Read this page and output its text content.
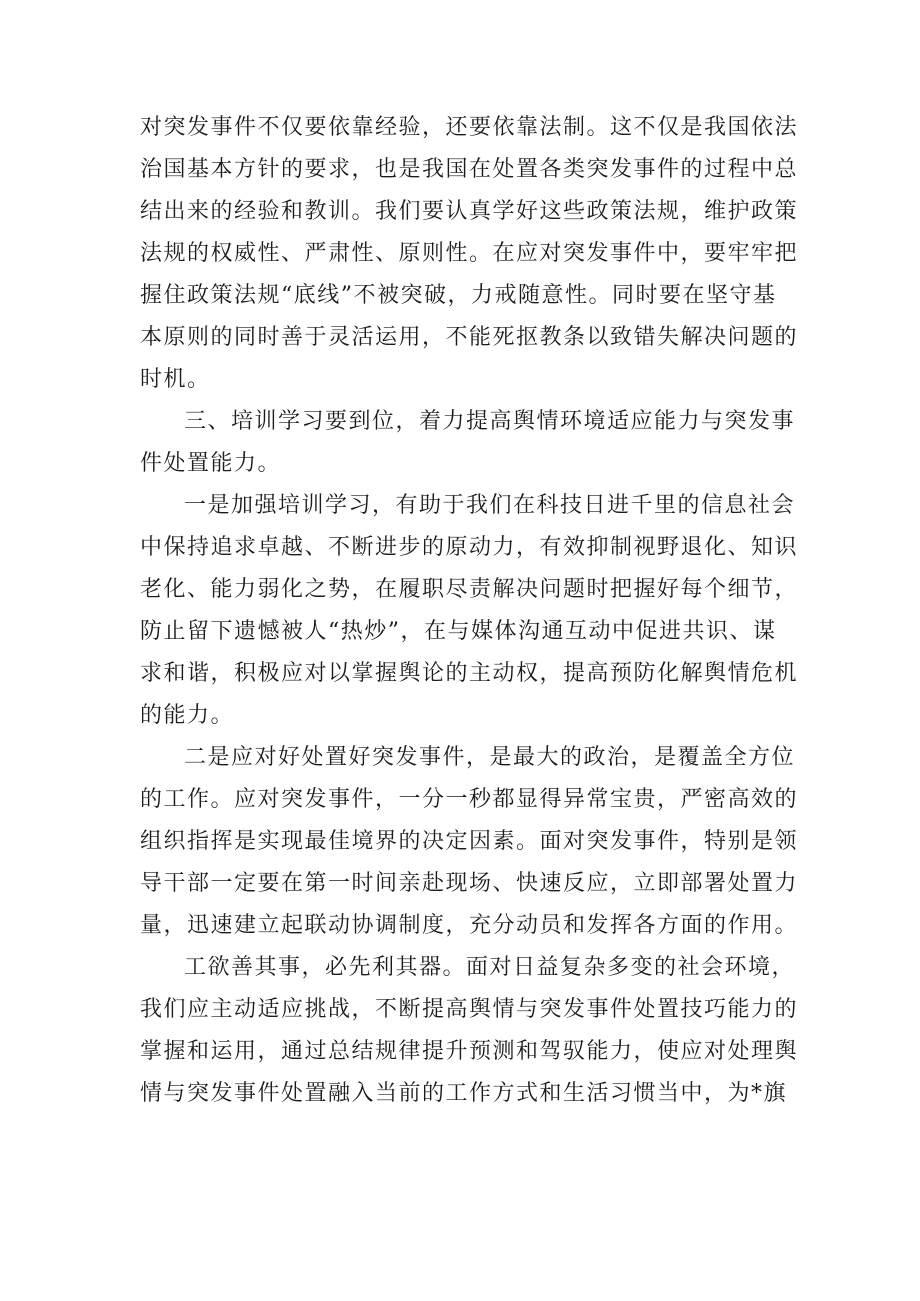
对突发事件不仅要依靠经验，还要依靠法制。这不仅是我国依法
治国基本方针的要求，也是我国在处置各类突发事件的过程中总
结出来的经验和教训。我们要认真学好这些政策法规，维护政策
法规的权威性、严肃性、原则性。在应对突发事件中，要牢牢把
握住政策法规“底线”不被突破，力戒随意性。同时要在坚守基
本原则的同时善于灵活运用，不能死抠教条以致错失解决问题的
时机。

三、培训学习要到位，着力提高舆情环境适应能力与突发事
件处置能力。

一是加强培训学习，有助于我们在科技日进千里的信息社会
中保持追求卓越、不断进步的原动力，有效抑制视野退化、知识
老化、能力弱化之势，在履职尽责解决问题时把握好每个细节，
防止留下遗憾被人“热炒”，在与媒体沟通互动中促进共识、谋
求和谐，积极应对以掌握舆论的主动权，提高预防化解舆情危机
的能力。

二是应对好处置好突发事件，是最大的政治，是覆盖全方位
的工作。应对突发事件，一分一秒都显得异常宝贵，严密高效的
组织指挥是实现最佳境界的决定因素。面对突发事件，特别是领
导干部一定要在第一时间亲赴现场、快速反应，立即部署处置力
量，迅速建立起联动协调制度，充分动员和发挥各方面的作用。

工欲善其事，必先利其器。面对日益复杂多变的社会环境，
我们应主动适应挑战，不断提高舆情与突发事件处置技巧能力的
掌握和运用，通过总结规律提升预测和驾驭能力，使应对处理舆
情与突发事件处置融入当前的工作方式和生活习惯当中，为*旗
